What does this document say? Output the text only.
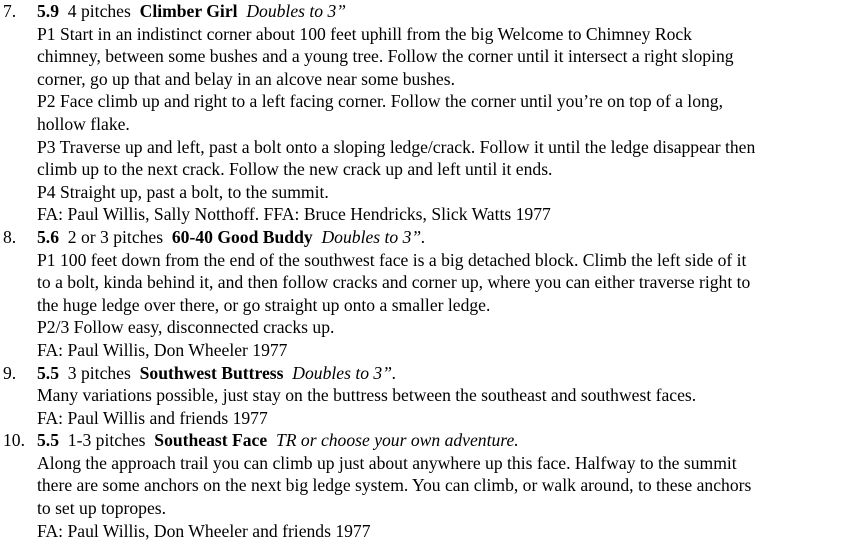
7. 5.9 4 pitches Climber Girl Doubles to 3”
P1 Start in an indistinct corner about 100 feet uphill from the big Welcome to Chimney Rock
chimney, between some bushes and a young tree. Follow the corner until it intersect a right sloping
corner, go up that and belay in an alcove near some bushes.
P2 Face climb up and right to a left facing corner. Follow the corner until you’re on top of a long,
hollow flake.
P3 Traverse up and left, past a bolt onto a sloping ledge/crack. Follow it until the ledge disappear then
climb up to the next crack. Follow the new crack up and left until it ends.
P4 Straight up, past a bolt, to the summit.
FA: Paul Willis, Sally Notthoff. FFA: Bruce Hendricks, Slick Watts 1977
8. 5.6 2 or 3 pitches 60-40 Good Buddy Doubles to 3”.
P1 100 feet down from the end of the southwest face is a big detached block. Climb the left side of it
to a bolt, kinda behind it, and then follow cracks and corner up, where you can either traverse right to
the huge ledge over there, or go straight up onto a smaller ledge.
P2/3 Follow easy, disconnected cracks up.
FA: Paul Willis, Don Wheeler 1977
9. 5.5 3 pitches Southwest Buttress Doubles to 3”.
Many variations possible, just stay on the buttress between the southeast and southwest faces.
FA: Paul Willis and friends 1977
10. 5.5 1-3 pitches Southeast Face TR or choose your own adventure.
Along the approach trail you can climb up just about anywhere up this face. Halfway to the summit
there are some anchors on the next big ledge system. You can climb, or walk around, to these anchors
to set up topropes.
FA: Paul Willis, Don Wheeler and friends 1977
